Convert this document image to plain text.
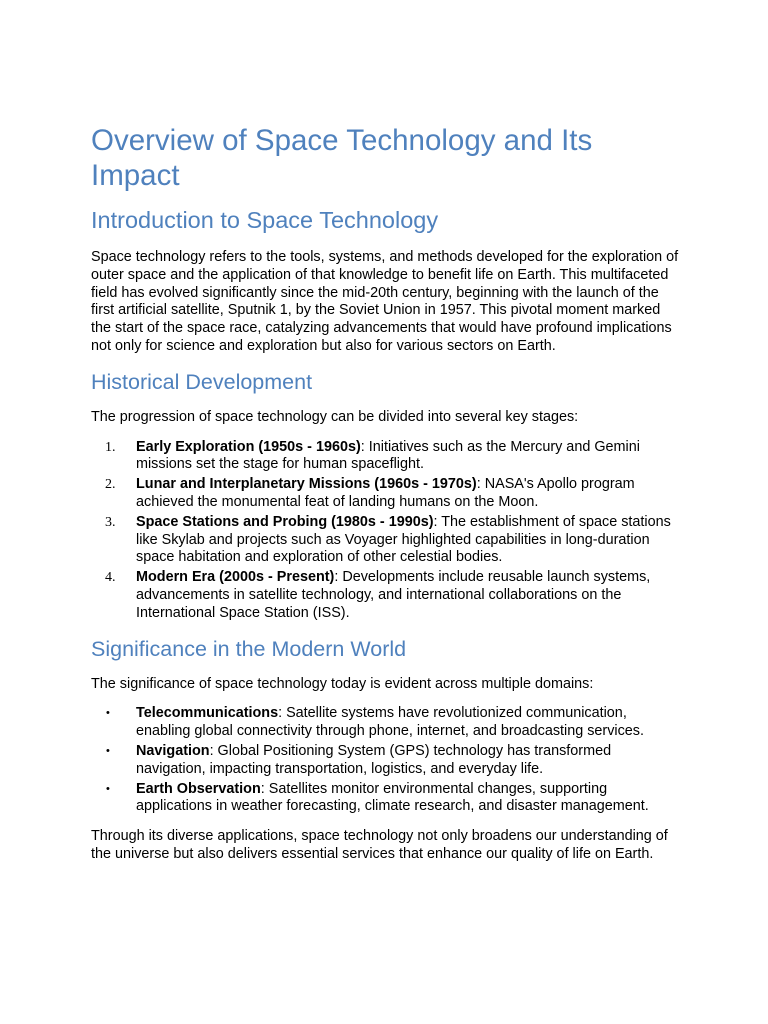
Overview of Space Technology and Its Impact
Introduction to Space Technology

Space technology refers to the tools, systems, and methods developed for the exploration of outer space and the application of that knowledge to benefit life on Earth. This multifaceted field has evolved significantly since the mid-20th century, beginning with the launch of the first artificial satellite, Sputnik 1, by the Soviet Union in 1957. This pivotal moment marked the start of the space race, catalyzing advancements that would have profound implications not only for science and exploration but also for various sectors on Earth.

Historical Development

The progression of space technology can be divided into several key stages:

1. Early Exploration (1950s - 1960s): Initiatives such as the Mercury and Gemini missions set the stage for human spaceflight.
2. Lunar and Interplanetary Missions (1960s - 1970s): NASA's Apollo program achieved the monumental feat of landing humans on the Moon.
3. Space Stations and Probing (1980s - 1990s): The establishment of space stations like Skylab and projects such as Voyager highlighted capabilities in long-duration space habitation and exploration of other celestial bodies.
4. Modern Era (2000s - Present): Developments include reusable launch systems, advancements in satellite technology, and international collaborations on the International Space Station (ISS).
Significance in the Modern World

The significance of space technology today is evident across multiple domains:

• Telecommunications: Satellite systems have revolutionized communication, enabling global connectivity through phone, internet, and broadcasting services.
• Navigation: Global Positioning System (GPS) technology has transformed navigation, impacting transportation, logistics, and everyday life.
• Earth Observation: Satellites monitor environmental changes, supporting applications in weather forecasting, climate research, and disaster management.

Through its diverse applications, space technology not only broadens our understanding of the universe but also delivers essential services that enhance our quality of life on Earth.
